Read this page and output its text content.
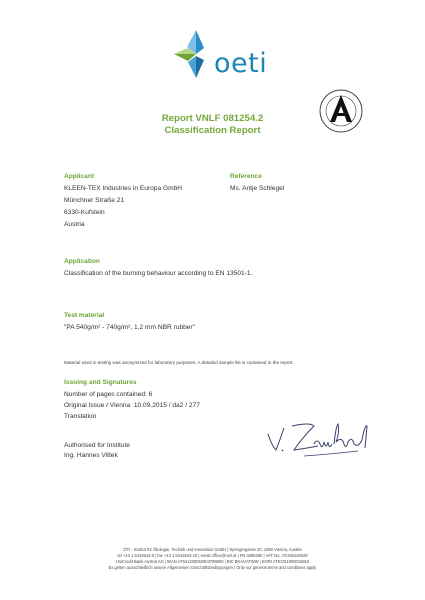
oeti
Report VNLF 081254.2
Classification Report
Applicant
KLEEN-TEX Industries in Europa GmbH
Münchner Straße 21
6330-Kufstein
Austria
Reference
Ms. Antje Schlegel
Application
Classification of the burning behaviour according to EN 13501-1.
Test material
"PA 540g/m² - 740g/m², 1,2 mm NBR rubber"
Material used in testing was anonymized for laboratory purposes. A detailed sample list is contained in the report.
Issuing and Signatures
Number of pages contained: 6
Original Issue / Vienna  10.09.2015 / da2 / 277
Translation
Authorised for Institute
Ing. Hannes Vittek
ÖTI - Institut für Ökologie, Technik und Innovation GmbH | Spengergasse 20, 1050 Vienna, Austria
tel +43 1 5442543-0 | fax +43 1 5442543-10 | email office@oeti.at | FN 328826b | VAT No. ATU65149029
UniCredit Bank Austria AG | IBAN AT941200052903799800 | BIC BKAUATWW | EORI ATEOS1000015915
Es gelten ausschließlich unsere Allgemeinen Geschäftsbedingungen | Only our general terms and conditions apply
